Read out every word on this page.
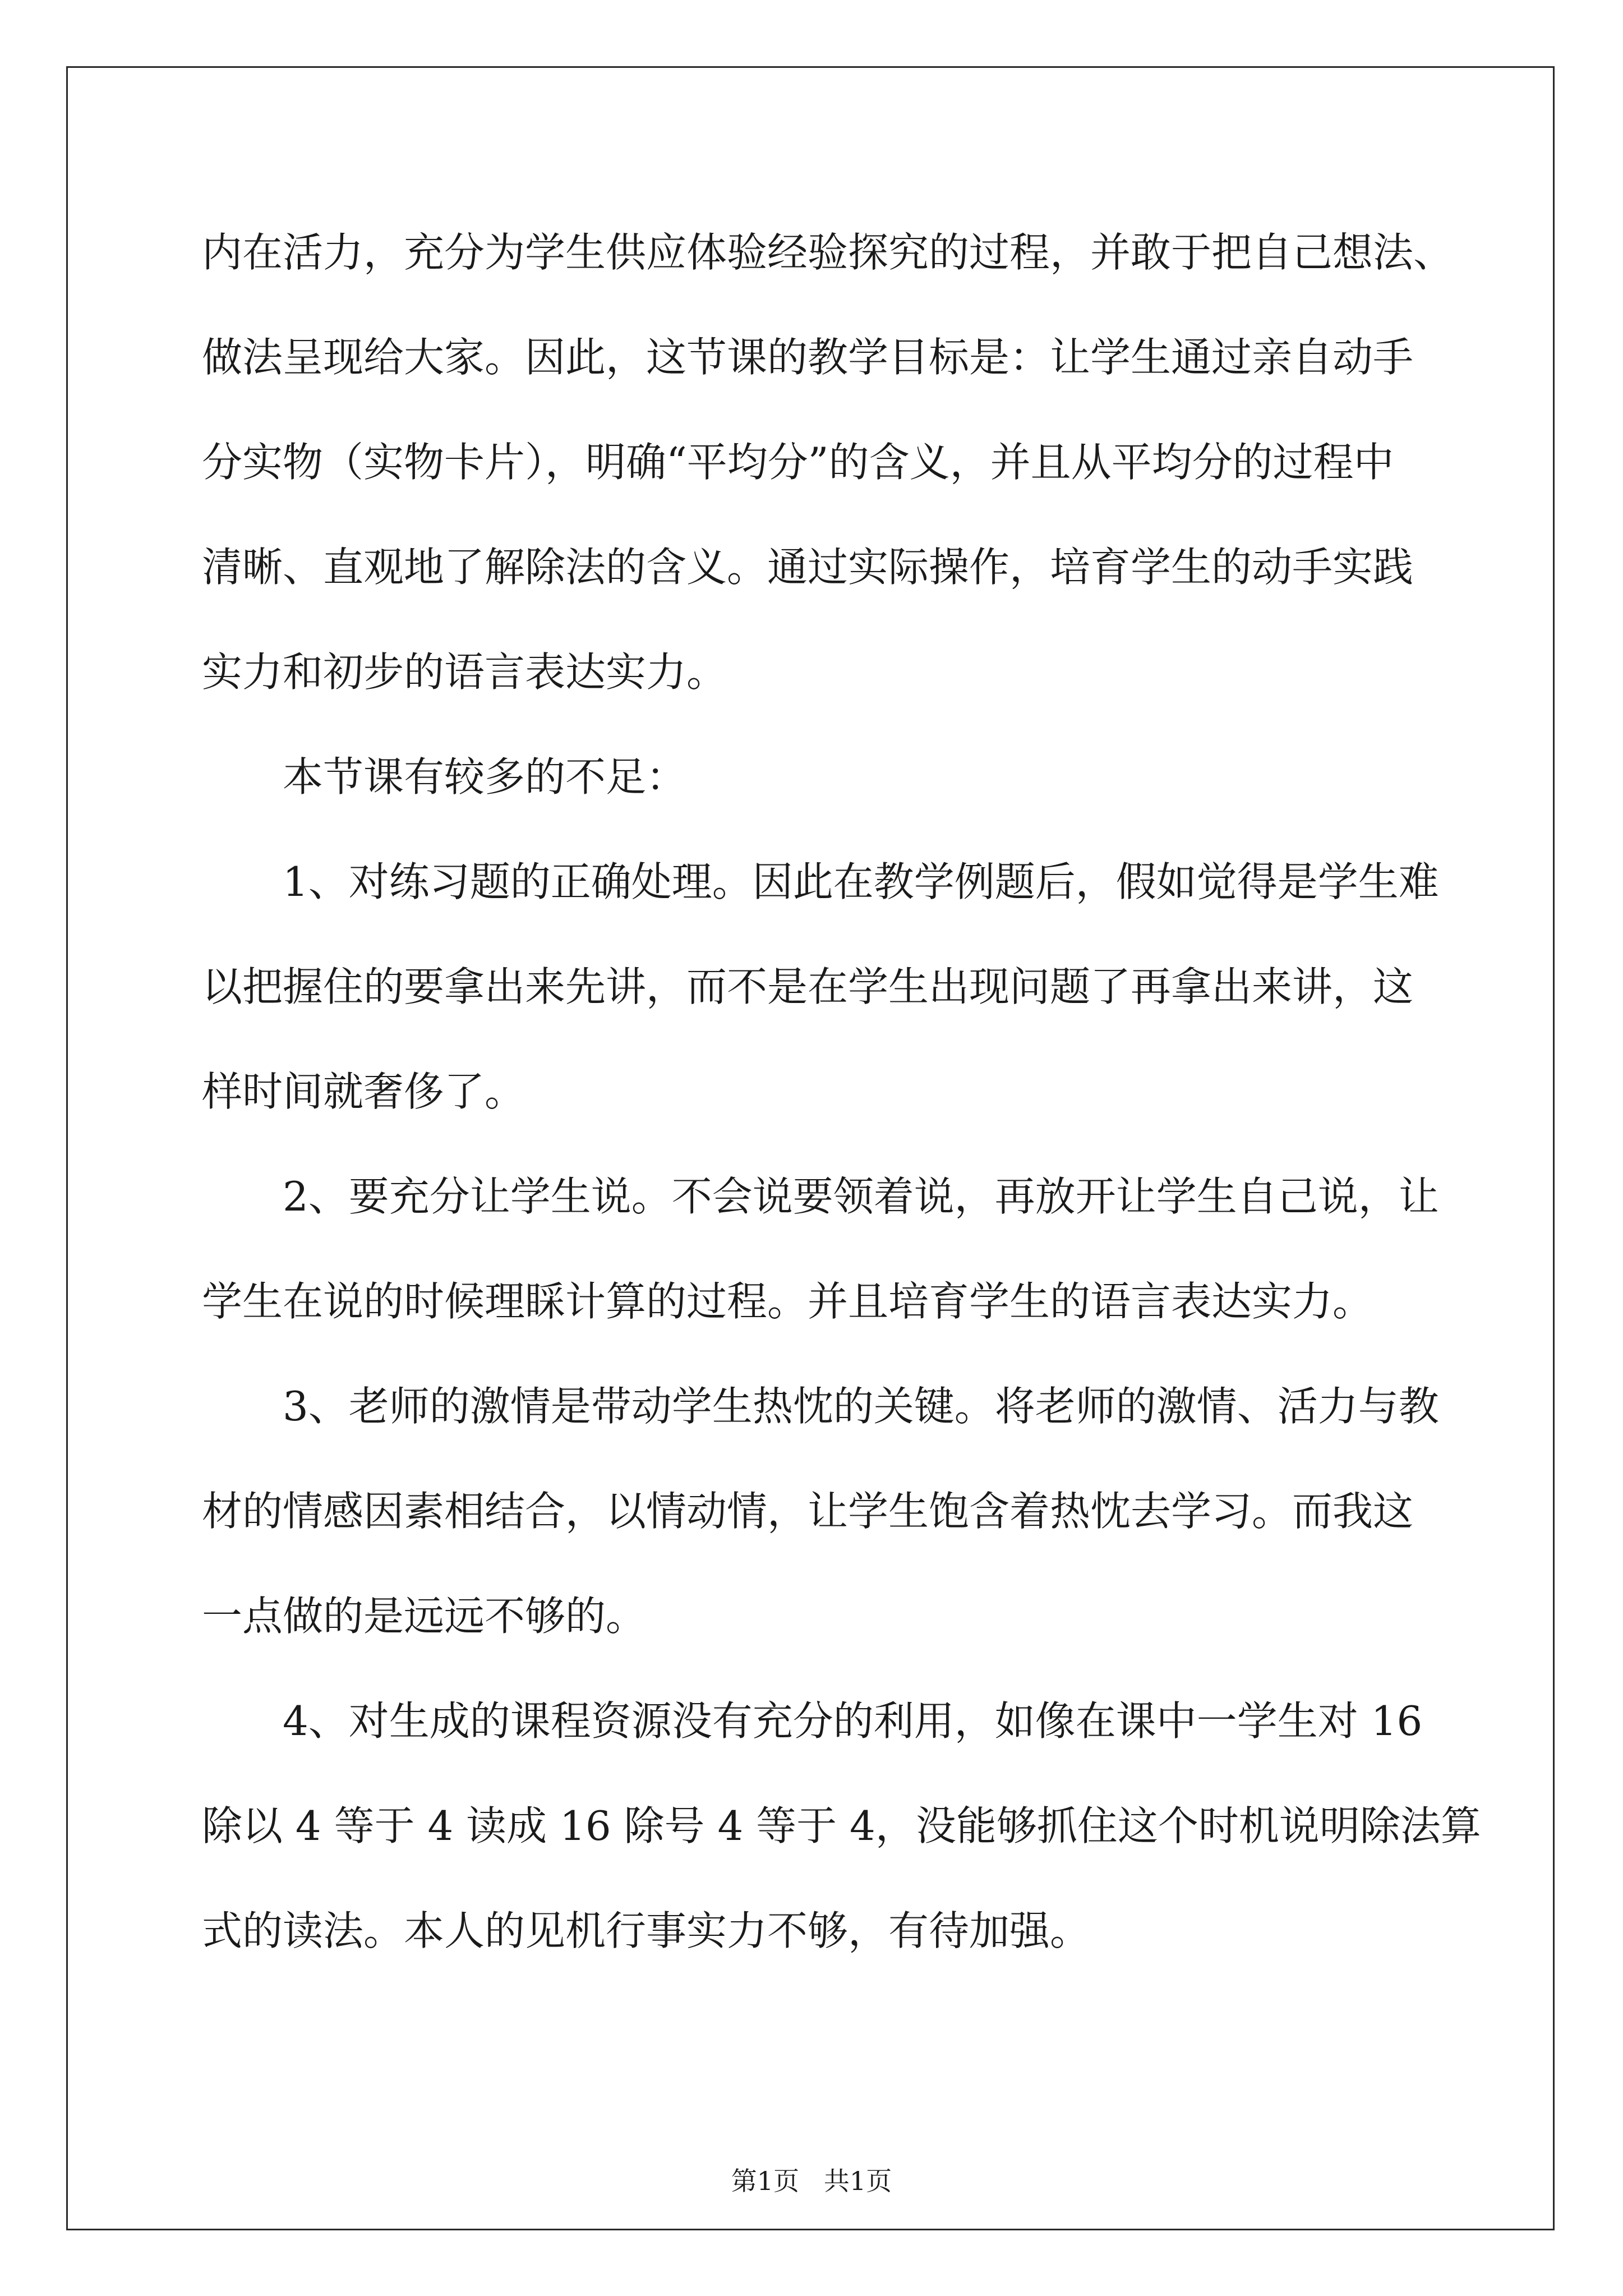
内在活力，充分为学生供应体验经验探究的过程，并敢于把自己想法、
做法呈现给大家。因此，这节课的教学目标是：让学生通过亲自动手
分实物（实物卡片），明确“平均分”的含义，并且从平均分的过程中
清晰、直观地了解除法的含义。通过实际操作，培育学生的动手实践
实力和初步的语言表达实力。
本节课有较多的不足：
1、对练习题的正确处理。因此在教学例题后，假如觉得是学生难
以把握住的要拿出来先讲，而不是在学生出现问题了再拿出来讲，这
样时间就奢侈了。
2、要充分让学生说。不会说要领着说，再放开让学生自己说，让
学生在说的时候理睬计算的过程。并且培育学生的语言表达实力。
3、老师的激情是带动学生热忱的关键。将老师的激情、活力与教
材的情感因素相结合，以情动情，让学生饱含着热忱去学习。而我这
一点做的是远远不够的。
4、对生成的课程资源没有充分的利用，如像在课中一学生对 16
除以 4 等于 4 读成 16 除号 4 等于 4，没能够抓住这个时机说明除法算
式的读法。本人的见机行事实力不够，有待加强。
第1页   共1页
